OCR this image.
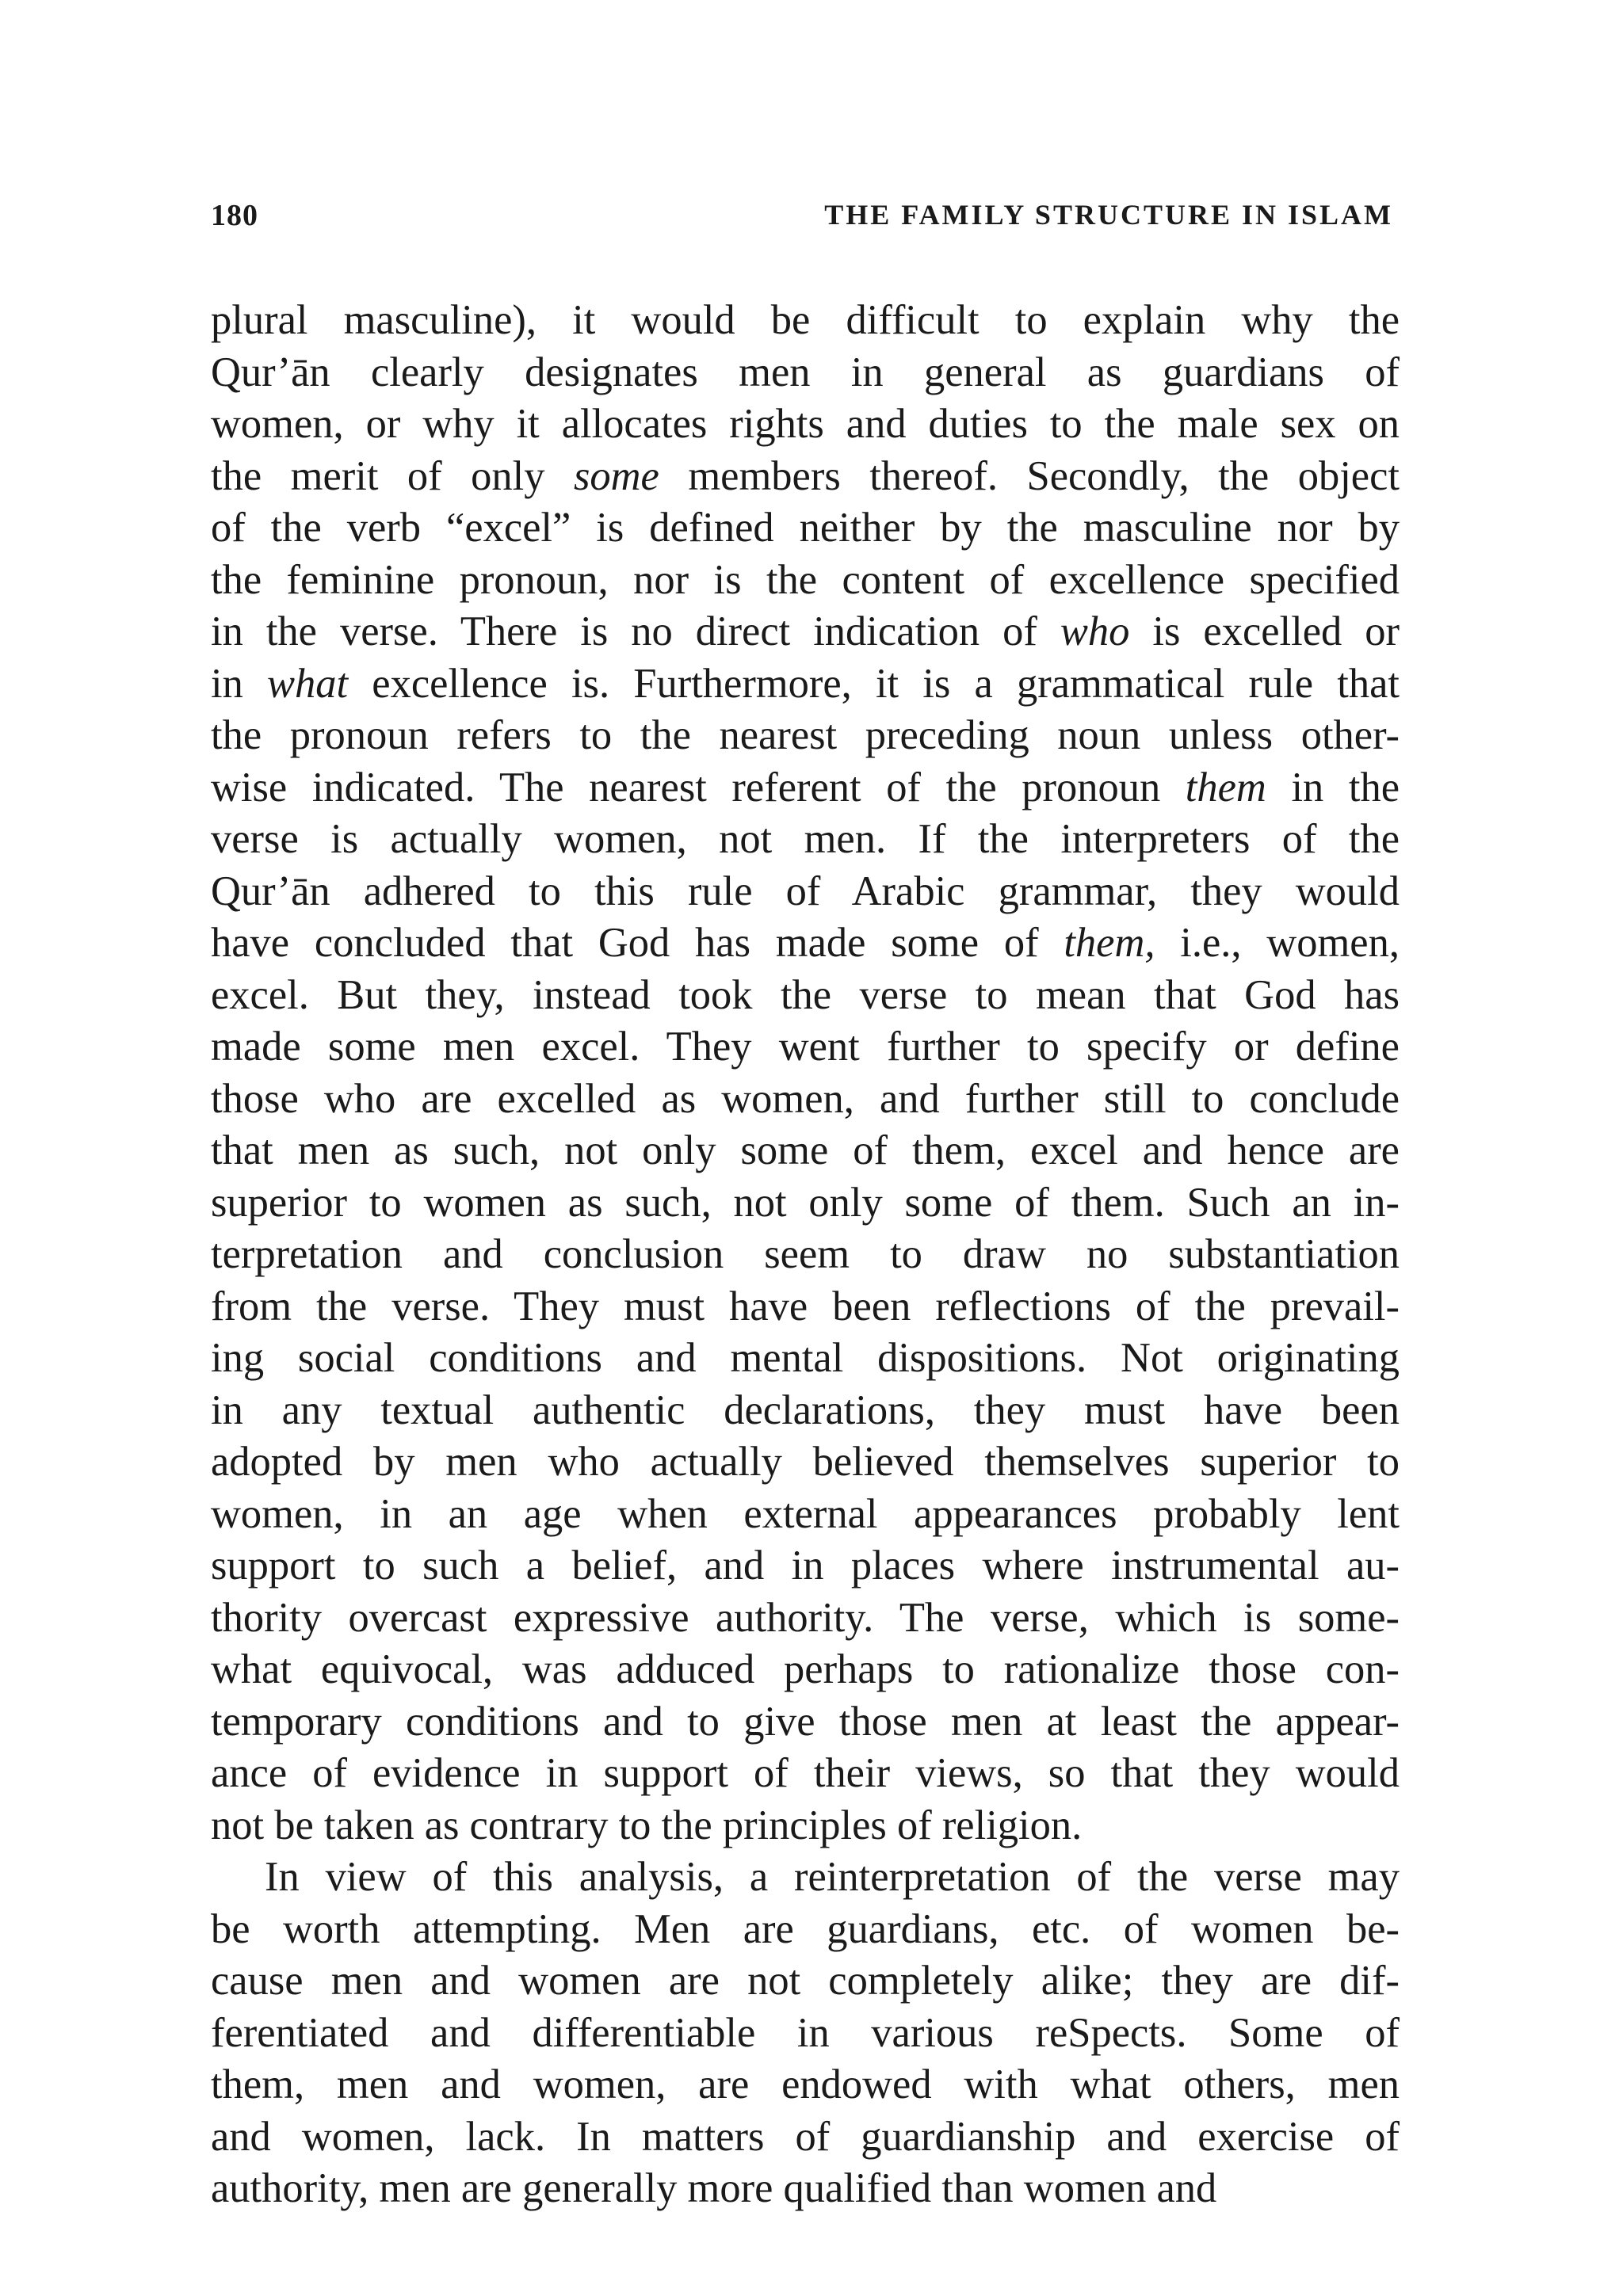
180	THE FAMILY STRUCTURE IN ISLAM
plural masculine), it would be difficult to explain why the
Qur’ān clearly designates men in general as guardians of
women, or why it allocates rights and duties to the male sex on
the merit of only some members thereof. Secondly, the object
of the verb “excel” is defined neither by the masculine nor by
the feminine pronoun, nor is the content of excellence specified
in the verse. There is no direct indication of who is excelled or
in what excellence is. Furthermore, it is a grammatical rule that
the pronoun refers to the nearest preceding noun unless other-
wise indicated. The nearest referent of the pronoun them in the
verse is actually women, not men. If the interpreters of the
Qur’ān adhered to this rule of Arabic grammar, they would
have concluded that God has made some of them, i.e., women,
excel. But they, instead took the verse to mean that God has
made some men excel. They went further to specify or define
those who are excelled as women, and further still to conclude
that men as such, not only some of them, excel and hence are
superior to women as such, not only some of them. Such an in-
terpretation and conclusion seem to draw no substantiation
from the verse. They must have been reflections of the prevail-
ing social conditions and mental dispositions. Not originating
in any textual authentic declarations, they must have been
adopted by men who actually believed themselves superior to
women, in an age when external appearances probably lent
support to such a belief, and in places where instrumental au-
thority overcast expressive authority. The verse, which is some-
what equivocal, was adduced perhaps to rationalize those con-
temporary conditions and to give those men at least the appear-
ance of evidence in support of their views, so that they would
not be taken as contrary to the principles of religion.
In view of this analysis, a reinterpretation of the verse may
be worth attempting. Men are guardians, etc. of women be-
cause men and women are not completely alike; they are dif-
ferentiated and differentiable in various reSpects. Some of
them, men and women, are endowed with what others, men
and women, lack. In matters of guardianship and exercise of
authority, men are generally more qualified than women and
